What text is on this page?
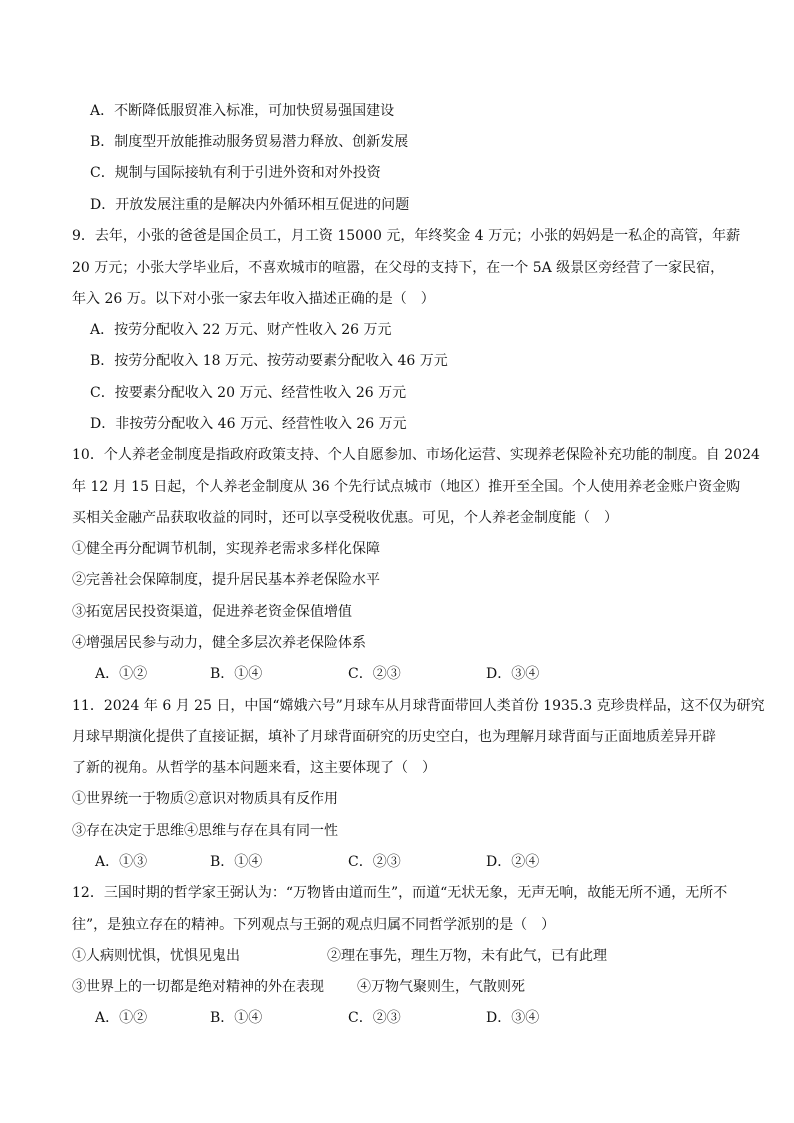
A．不断降低服贸准入标准，可加快贸易强国建设
B．制度型开放能推动服务贸易潜力释放、创新发展
C．规制与国际接轨有利于引进外资和对外投资
D．开放发展注重的是解决内外循环相互促进的问题
9．去年，小张的爸爸是国企员工，月工资 15000 元，年终奖金 4 万元；小张的妈妈是一私企的高管，年薪
20 万元；小张大学毕业后，不喜欢城市的喧嚣，在父母的支持下，在一个 5A 级景区旁经营了一家民宿，
年入 26 万。以下对小张一家去年收入描述正确的是（　）
A．按劳分配收入 22 万元、财产性收入 26 万元
B．按劳分配收入 18 万元、按劳动要素分配收入 46 万元
C．按要素分配收入 20 万元、经营性收入 26 万元
D．非按劳分配收入 46 万元、经营性收入 26 万元
10．个人养老金制度是指政府政策支持、个人自愿参加、市场化运营、实现养老保险补充功能的制度。自 2024
年 12 月 15 日起，个人养老金制度从 36 个先行试点城市（地区）推开至全国。个人使用养老金账户资金购
买相关金融产品获取收益的同时，还可以享受税收优惠。可见，个人养老金制度能（　）
①健全再分配调节机制，实现养老需求多样化保障
②完善社会保障制度，提升居民基本养老保险水平
③拓宽居民投资渠道，促进养老资金保值增值
④增强居民参与动力，健全多层次养老保险体系
A．①②	B．①④	C．②③	D．③④
11．2024 年 6 月 25 日，中国“嫦娥六号”月球车从月球背面带回人类首份 1935.3 克珍贵样品，这不仅为研究
月球早期演化提供了直接证据，填补了月球背面研究的历史空白，也为理解月球背面与正面地质差异开辟
了新的视角。从哲学的基本问题来看，这主要体现了（　）
①世界统一于物质②意识对物质具有反作用
③存在决定于思维④思维与存在具有同一性
A．①③	B．①④	C．②③	D．②④
12．三国时期的哲学家王弼认为：“万物皆由道而生”，而道“无状无象，无声无响，故能无所不通，无所不
往”，是独立存在的精神。下列观点与王弼的观点归属不同哲学派别的是（　）
①人病则忧惧，忧惧见鬼出	②理在事先，理生万物，未有此气，已有此理
③世界上的一切都是绝对精神的外在表现 ④万物气聚则生，气散则死
A．①②	B．①④	C．②③	D．③④
